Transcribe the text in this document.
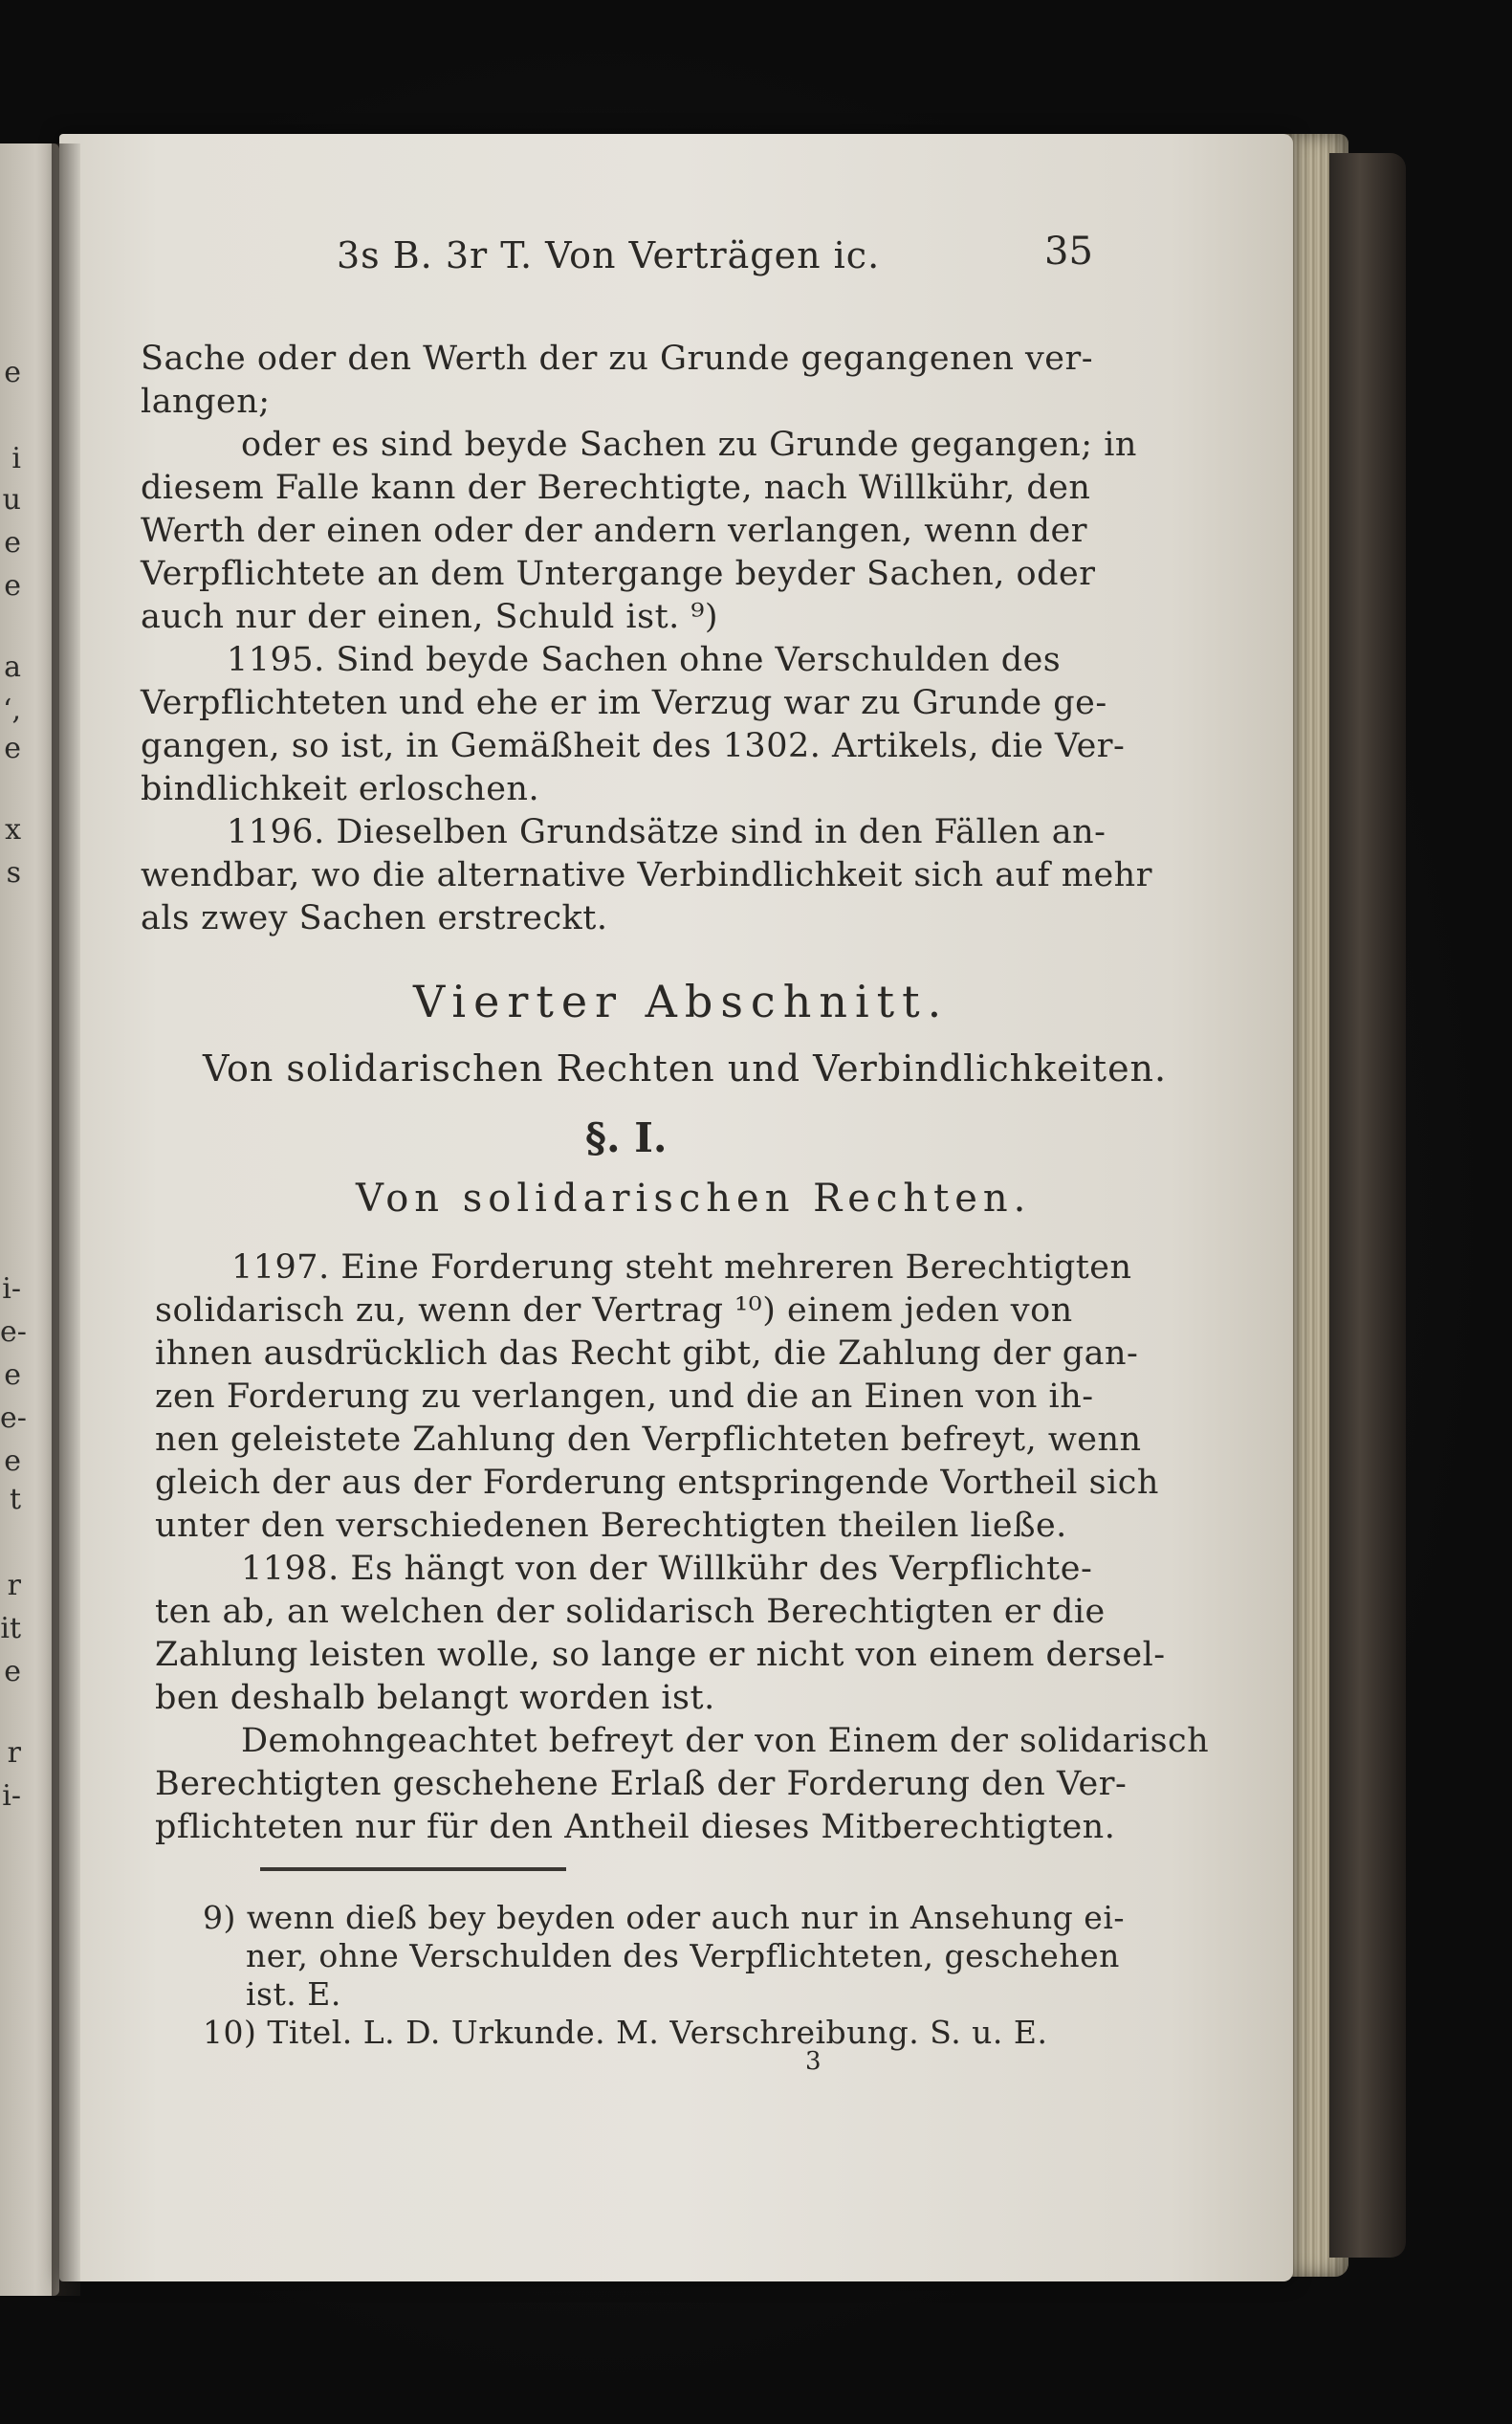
e
i
u
e
e
a
ʻ,
e
x
s
i-
e-
e
e-
e
t
r
it
e
r
i-
3s B. 3r T. Von Verträgen ic.	35
Sache oder den Werth der zu Grunde gegangenen ver-
langen;
oder es sind beyde Sachen zu Grunde gegangen; in
diesem Falle kann der Berechtigte, nach Willkühr, den
Werth der einen oder der andern verlangen, wenn der
Verpflichtete an dem Untergange beyder Sachen, oder
auch nur der einen, Schuld ist. ⁹)
1195. Sind beyde Sachen ohne Verschulden des
Verpflichteten und ehe er im Verzug war zu Grunde ge-
gangen, so ist, in Gemäßheit des 1302. Artikels, die Ver-
bindlichkeit erloschen.
1196. Dieselben Grundsätze sind in den Fällen an-
wendbar, wo die alternative Verbindlichkeit sich auf mehr
als zwey Sachen erstreckt.
Vierter Abschnitt.
Von solidarischen Rechten und Verbindlichkeiten.
§. I.
Von solidarischen Rechten.
1197. Eine Forderung steht mehreren Berechtigten
solidarisch zu, wenn der Vertrag ¹⁰) einem jeden von
ihnen ausdrücklich das Recht gibt, die Zahlung der gan-
zen Forderung zu verlangen, und die an Einen von ih-
nen geleistete Zahlung den Verpflichteten befreyt, wenn
gleich der aus der Forderung entspringende Vortheil sich
unter den verschiedenen Berechtigten theilen ließe.
1198. Es hängt von der Willkühr des Verpflichte-
ten ab, an welchen der solidarisch Berechtigten er die
Zahlung leisten wolle, so lange er nicht von einem dersel-
ben deshalb belangt worden ist.
Demohngeachtet befreyt der von Einem der solidarisch
Berechtigten geschehene Erlaß der Forderung den Ver-
pflichteten nur für den Antheil dieses Mitberechtigten.
9) wenn dieß bey beyden oder auch nur in Ansehung ei-
ner, ohne Verschulden des Verpflichteten, geschehen
ist. E.
10) Titel. L. D. Urkunde. M. Verschreibung. S. u. E.
3
